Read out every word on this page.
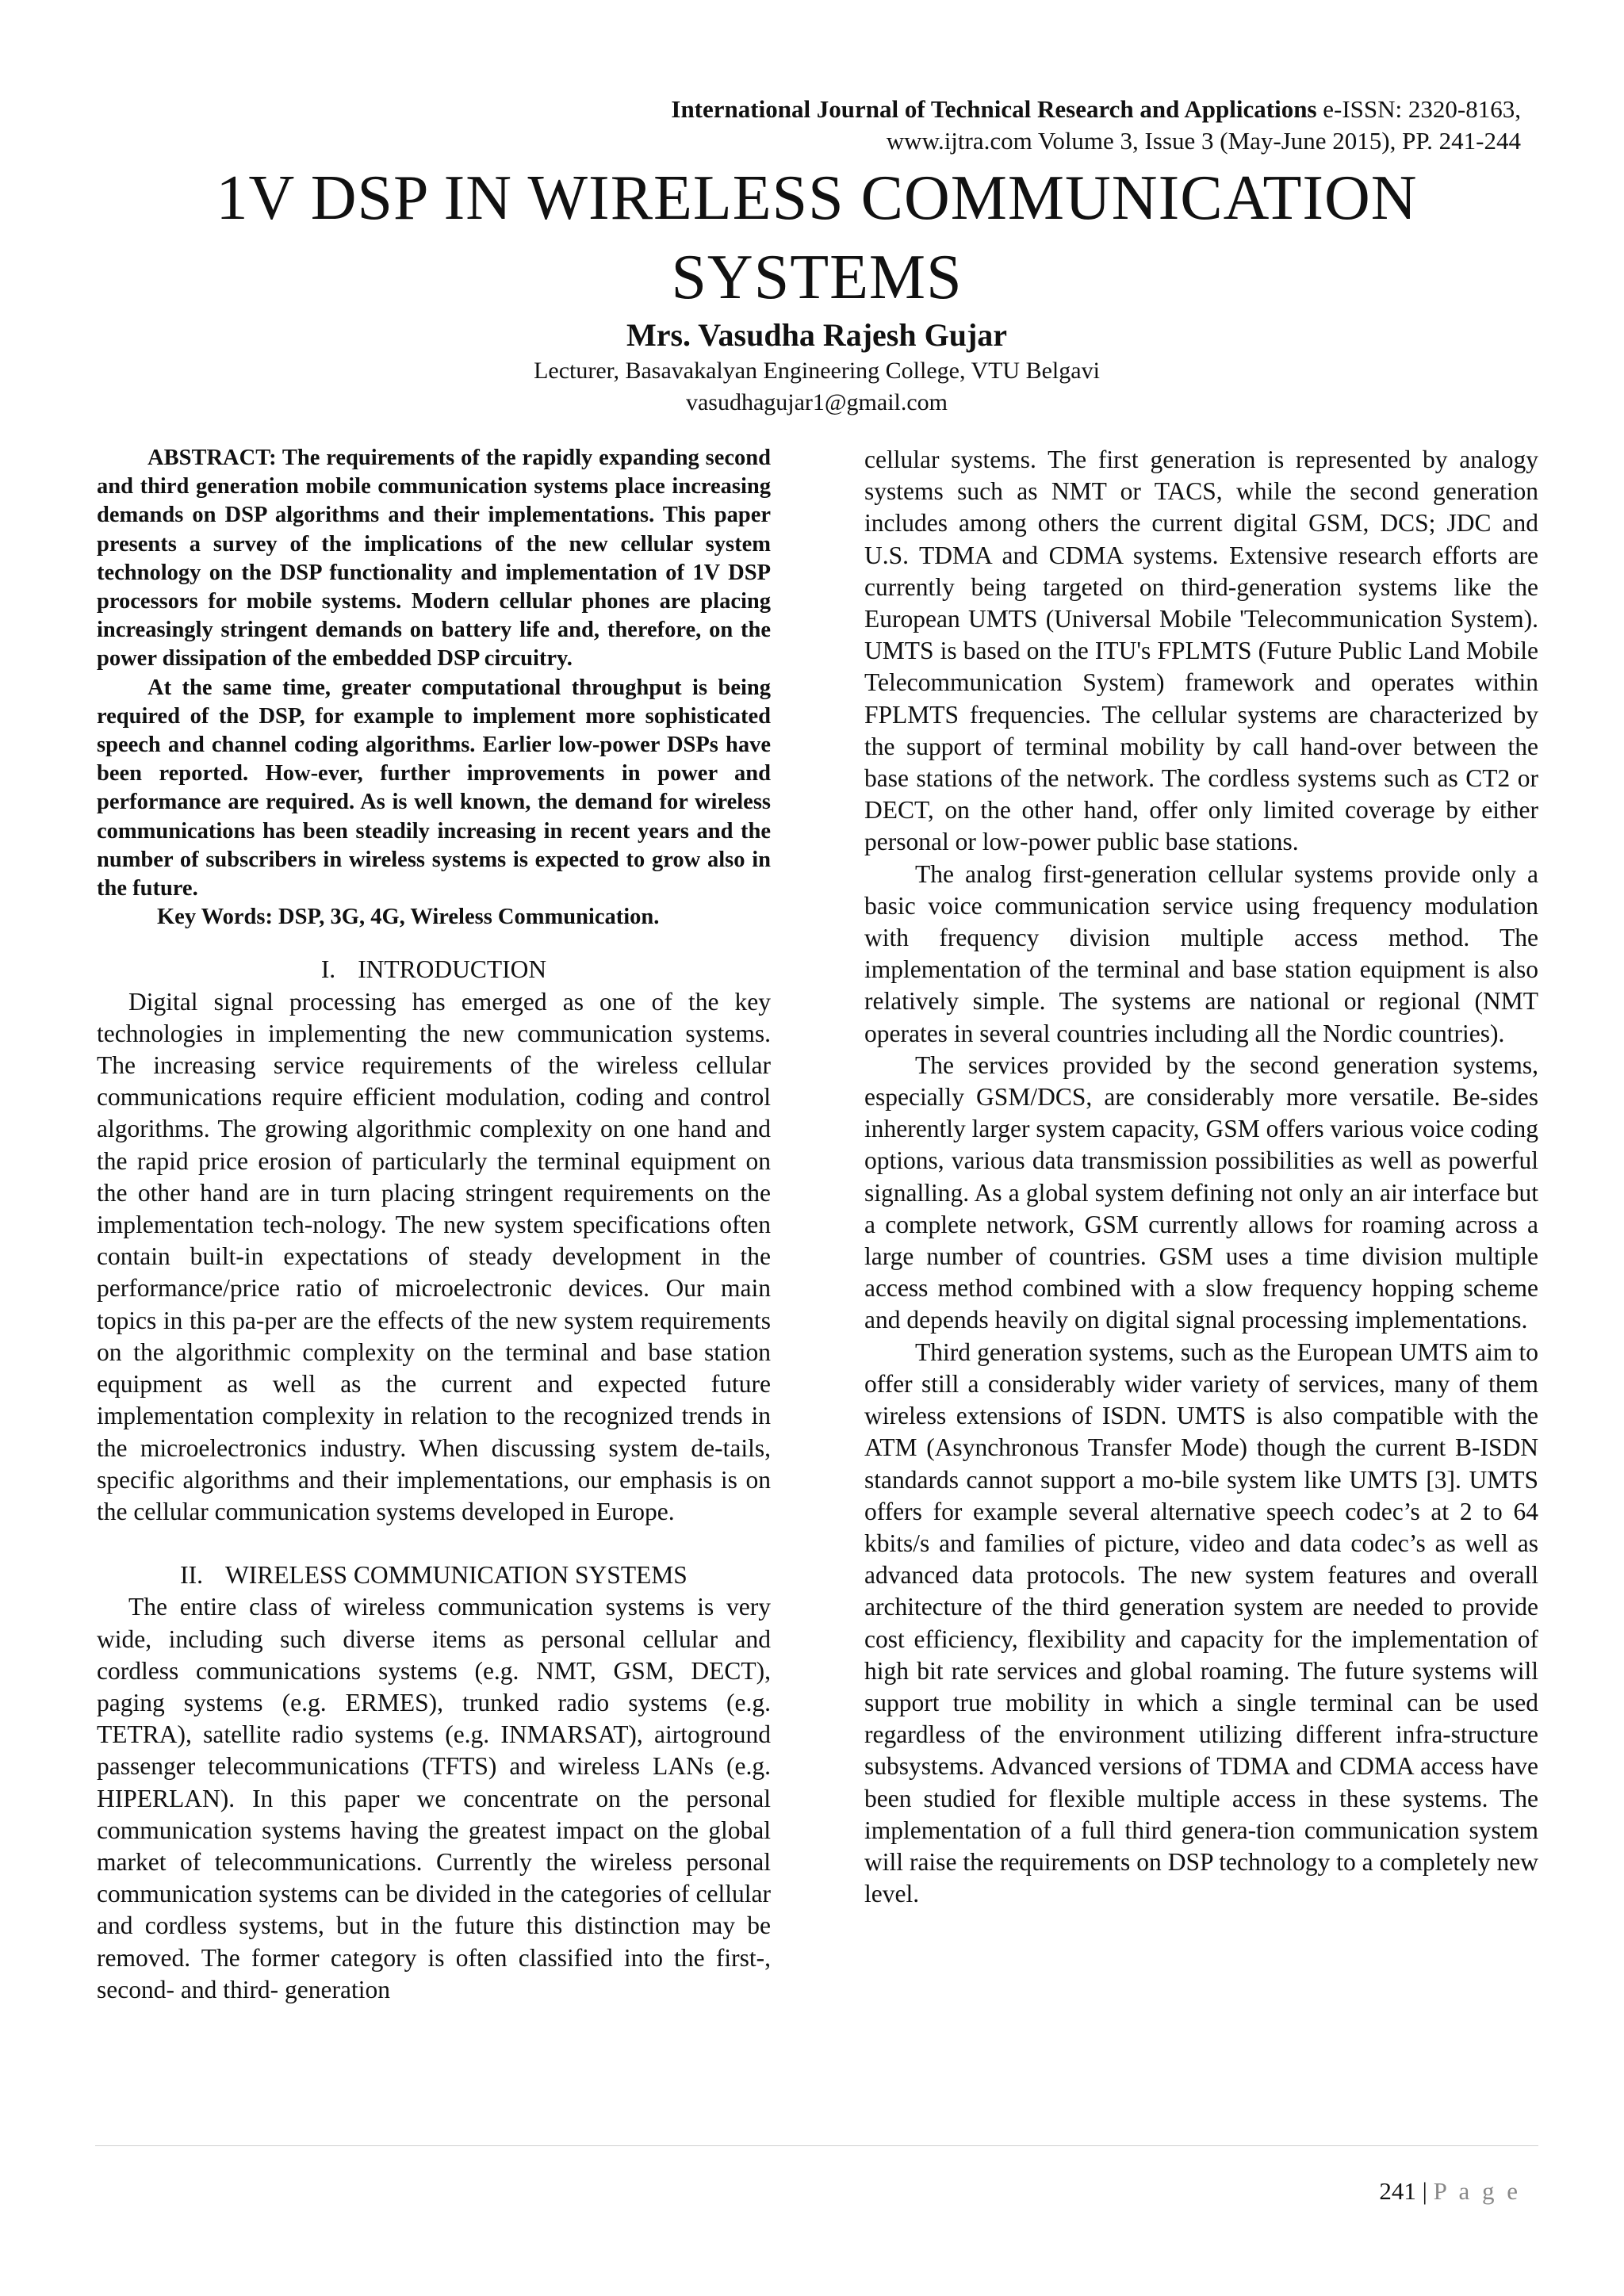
International Journal of Technical Research and Applications e-ISSN: 2320-8163,
www.ijtra.com Volume 3, Issue 3 (May-June 2015), PP. 241-244
1V DSP IN WIRELESS COMMUNICATION SYSTEMS
Mrs. Vasudha Rajesh Gujar
Lecturer, Basavakalyan Engineering College, VTU Belgavi
vasudhagujar1@gmail.com

ABSTRACT: The requirements of the rapidly expanding second and third generation mobile communication systems place increasing demands on DSP algorithms and their implementations. This paper presents a survey of the implications of the new cellular system technology on the DSP functionality and implementation of 1V DSP processors for mobile systems. Modern cellular phones are placing increasingly stringent demands on battery life and, therefore, on the power dissipation of the embedded DSP circuitry.

At the same time, greater computational throughput is being required of the DSP, for example to implement more sophisticated speech and channel coding algorithms. Earlier low-power DSPs have been reported. How-ever, further improvements in power and performance are required. As is well known, the demand for wireless communications has been steadily increasing in recent years and the number of subscribers in wireless systems is expected to grow also in the future.

Key Words: DSP, 3G, 4G, Wireless Communication.

I. INTRODUCTION

Digital signal processing has emerged as one of the key technologies in implementing the new communication systems. The increasing service requirements of the wireless cellular communications require efficient modulation, coding and control algorithms. The growing algorithmic complexity on one hand and the rapid price erosion of particularly the terminal equipment on the other hand are in turn placing stringent requirements on the implementation tech-nology. The new system specifications often contain built-in expectations of steady development in the performance/price ratio of microelectronic devices. Our main topics in this pa-per are the effects of the new system requirements on the algorithmic complexity on the terminal and base station equipment as well as the current and expected future implementation complexity in relation to the recognized trends in the microelectronics industry. When discussing system de-tails, specific algorithms and their implementations, our emphasis is on the cellular communication systems developed in Europe.

II. WIRELESS COMMUNICATION SYSTEMS

The entire class of wireless communication systems is very wide, including such diverse items as personal cellular and cordless communications systems (e.g. NMT, GSM, DECT), paging systems (e.g. ERMES), trunked radio systems (e.g. TETRA), satellite radio systems (e.g. INMARSAT), airtoground passenger telecommunications (TFTS) and wireless LANs (e.g. HIPERLAN). In this paper we concentrate on the personal communication systems having the greatest impact on the global market of telecommunications. Currently the wireless personal communication systems can be divided in the categories of cellular and cordless systems, but in the future this distinction may be removed. The former category is often classified into the first-, second- and third- generation

cellular systems. The first generation is represented by analogy systems such as NMT or TACS, while the second generation includes among others the current digital GSM, DCS; JDC and U.S. TDMA and CDMA systems. Extensive research efforts are currently being targeted on third-generation systems like the European UMTS (Universal Mobile 'Telecommunication System). UMTS is based on the ITU's FPLMTS (Future Public Land Mobile Telecommunication System) framework and operates within FPLMTS frequencies. The cellular systems are characterized by the support of terminal mobility by call hand-over between the base stations of the network. The cordless systems such as CT2 or DECT, on the other hand, offer only limited coverage by either personal or low-power public base stations.

The analog first-generation cellular systems provide only a basic voice communication service using frequency modulation with frequency division multiple access method. The implementation of the terminal and base station equipment is also relatively simple. The systems are national or regional (NMT operates in several countries including all the Nordic countries).

The services provided by the second generation systems, especially GSM/DCS, are considerably more versatile. Be-sides inherently larger system capacity, GSM offers various voice coding options, various data transmission possibilities as well as powerful signalling. As a global system defining not only an air interface but a complete network, GSM currently allows for roaming across a large number of countries. GSM uses a time division multiple access method combined with a slow frequency hopping scheme and depends heavily on digital signal processing implementations.

Third generation systems, such as the European UMTS aim to offer still a considerably wider variety of services, many of them wireless extensions of ISDN. UMTS is also compatible with the ATM (Asynchronous Transfer Mode) though the current B-ISDN standards cannot support a mo-bile system like UMTS [3]. UMTS offers for example several alternative speech codec’s at 2 to 64 kbits/s and families of picture, video and data codec’s as well as advanced data protocols. The new system features and overall architecture of the third generation system are needed to provide cost efficiency, flexibility and capacity for the implementation of high bit rate services and global roaming. The future systems will support true mobility in which a single terminal can be used regardless of the environment utilizing different infra-structure subsystems. Advanced versions of TDMA and CDMA access have been studied for flexible multiple access in these systems. The implementation of a full third genera-tion communication system will raise the requirements on DSP technology to a completely new level.

241 | P a g e
